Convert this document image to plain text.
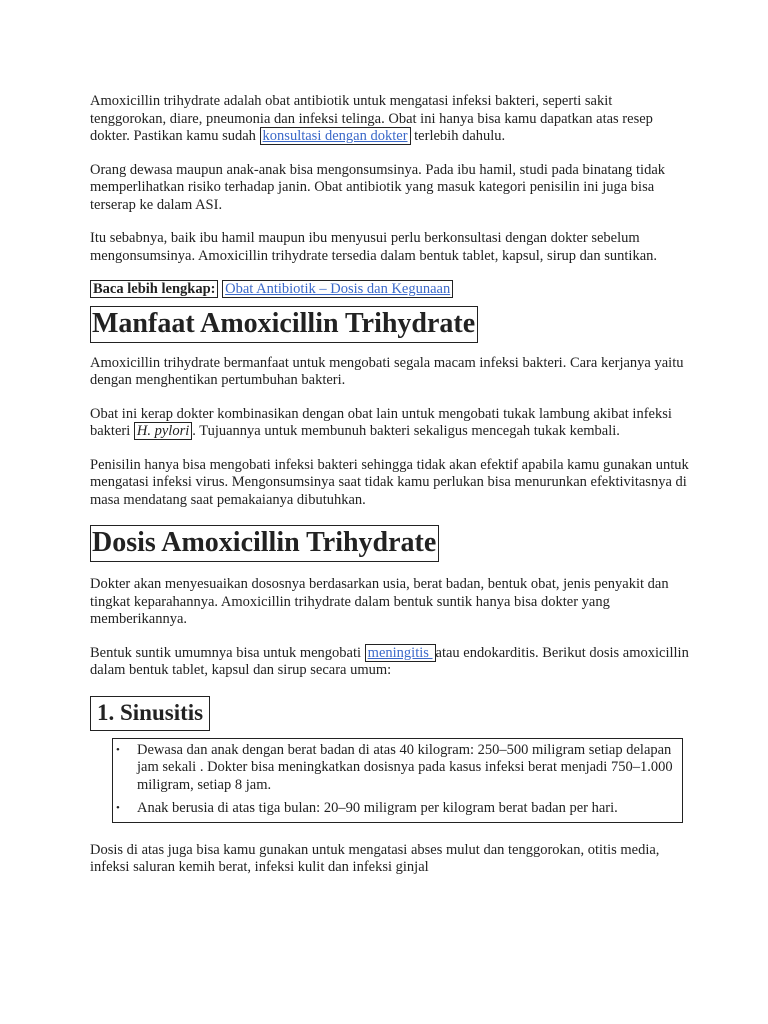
Amoxicillin trihydrate adalah obat antibiotik untuk mengatasi infeksi bakteri, seperti sakit tenggorokan, diare, pneumonia dan infeksi telinga. Obat ini hanya bisa kamu dapatkan atas resep dokter. Pastikan kamu sudah konsultasi dengan dokter terlebih dahulu.

Orang dewasa maupun anak-anak bisa mengonsumsinya. Pada ibu hamil, studi pada binatang tidak memperlihatkan risiko terhadap janin. Obat antibiotik yang masuk kategori penisilin ini juga bisa terserap ke dalam ASI.

Itu sebabnya, baik ibu hamil maupun ibu menyusui perlu berkonsultasi dengan dokter sebelum mengonsumsinya. Amoxicillin trihydrate tersedia dalam bentuk tablet, kapsul, sirup dan suntikan.

Baca lebih lengkap: Obat Antibiotik – Dosis dan Kegunaan

Manfaat Amoxicillin Trihydrate

Amoxicillin trihydrate bermanfaat untuk mengobati segala macam infeksi bakteri. Cara kerjanya yaitu dengan menghentikan pertumbuhan bakteri.

Obat ini kerap dokter kombinasikan dengan obat lain untuk mengobati tukak lambung akibat infeksi bakteri H. pylori . Tujuannya untuk membunuh bakteri sekaligus mencegah tukak kembali.

Penisilin hanya bisa mengobati infeksi bakteri sehingga tidak akan efektif apabila kamu gunakan untuk mengatasi infeksi virus. Mengonsumsinya saat tidak kamu perlukan bisa menurunkan efektivitasnya di masa mendatang saat pemakaianya dibutuhkan.

Dosis Amoxicillin Trihydrate

Dokter akan menyesuaikan dososnya berdasarkan usia, berat badan, bentuk obat, jenis penyakit dan tingkat keparahannya. Amoxicillin trihydrate dalam bentuk suntik hanya bisa dokter yang memberikannya.

Bentuk suntik umumnya bisa untuk mengobati meningitis atau endokarditis. Berikut dosis amoxicillin dalam bentuk tablet, kapsul dan sirup secara umum:

1. Sinusitis
• Dewasa dan anak dengan berat badan di atas 40 kilogram: 250–500 miligram setiap delapan jam sekali . Dokter bisa meningkatkan dosisnya pada kasus infeksi berat menjadi 750–1.000 miligram, setiap 8 jam.
• Anak berusia di atas tiga bulan: 20–90 miligram per kilogram berat badan per hari.

Dosis di atas juga bisa kamu gunakan untuk mengatasi abses mulut dan tenggorokan, otitis media, infeksi saluran kemih berat, infeksi kulit dan infeksi ginjal
